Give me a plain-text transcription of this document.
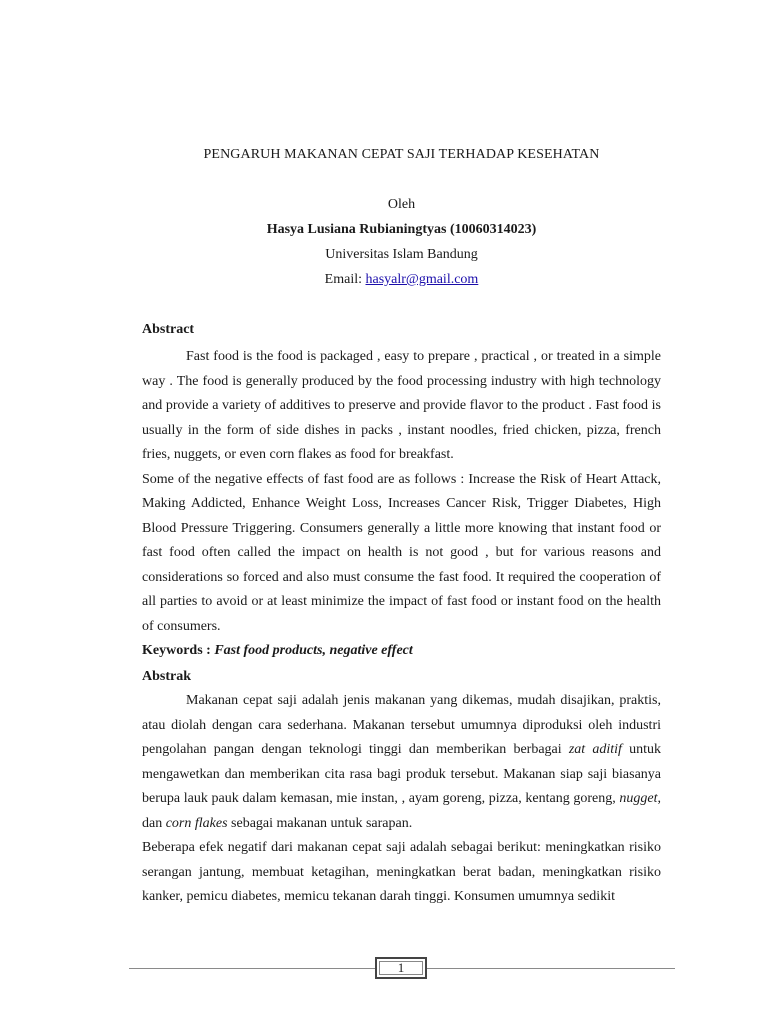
PENGARUH MAKANAN CEPAT SAJI TERHADAP KESEHATAN

Oleh

Hasya Lusiana Rubianingtyas (10060314023)

Universitas Islam Bandung

Email: hasyalr@gmail.com

Abstract

Fast food is the food is packaged , easy to prepare , practical , or treated in a simple way . The food is generally produced by the food processing industry with high technology and provide a variety of additives to preserve and provide flavor to the product . Fast food is usually in the form of side dishes in packs , instant noodles, fried chicken, pizza, french fries, nuggets, or even corn flakes as food for breakfast.

Some of the negative effects of fast food are as follows : Increase the Risk of Heart Attack, Making Addicted, Enhance Weight Loss, Increases Cancer Risk, Trigger Diabetes, High Blood Pressure Triggering. Consumers generally a little more knowing that instant food or fast food often called the impact on health is not good , but for various reasons and considerations so forced and also must consume the fast food. It required the cooperation of all parties to avoid or at least minimize the impact of fast food or instant food on the health of consumers.

Keywords : Fast food products, negative effect

Abstrak

Makanan cepat saji adalah jenis makanan yang dikemas, mudah disajikan, praktis, atau diolah dengan cara sederhana. Makanan tersebut umumnya diproduksi oleh industri pengolahan pangan dengan teknologi tinggi dan memberikan berbagai zat aditif untuk mengawetkan dan memberikan cita rasa bagi produk tersebut. Makanan siap saji biasanya berupa lauk pauk dalam kemasan, mie instan, , ayam goreng, pizza, kentang goreng, nugget, dan corn flakes sebagai makanan untuk sarapan.

Beberapa efek negatif dari makanan cepat saji adalah sebagai berikut: meningkatkan risiko serangan jantung, membuat ketagihan, meningkatkan berat badan, meningkatkan risiko kanker, pemicu diabetes, memicu tekanan darah tinggi. Konsumen umumnya sedikit

1
